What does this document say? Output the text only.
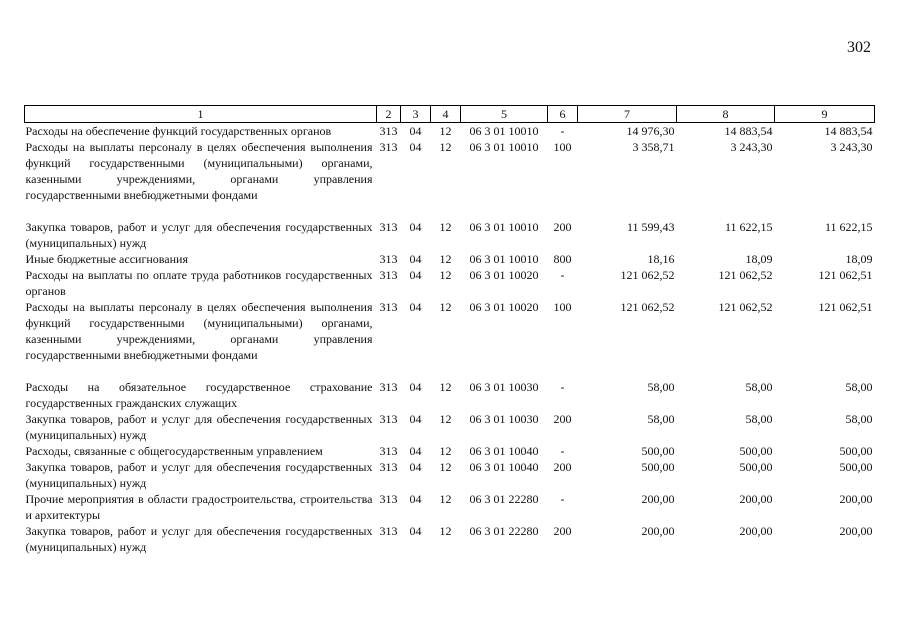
302
1	2	3	4	5	6	7	8	9
Расходы на обеспечение функций государственных органов	313	04	12	06 3 01 10010	-	14 976,30	14 883,54	14 883,54
Расходы на выплаты персоналу в целях обеспечения выполнения функций государственными (муниципальными) органами, казенными учреждениями, органами управления государственными внебюджетными фондами	313	04	12	06 3 01 10010	100	3 358,71	3 243,30	3 243,30
Закупка товаров, работ и услуг для обеспечения государственных (муниципальных) нужд	313	04	12	06 3 01 10010	200	11 599,43	11 622,15	11 622,15
Иные бюджетные ассигнования	313	04	12	06 3 01 10010	800	18,16	18,09	18,09
Расходы на выплаты по оплате труда работников государственных органов	313	04	12	06 3 01 10020	-	121 062,52	121 062,52	121 062,51
Расходы на выплаты персоналу в целях обеспечения выполнения функций государственными (муниципальными) органами, казенными учреждениями, органами управления государственными внебюджетными фондами	313	04	12	06 3 01 10020	100	121 062,52	121 062,52	121 062,51
Расходы на обязательное государственное страхование государственных гражданских служащих	313	04	12	06 3 01 10030	-	58,00	58,00	58,00
Закупка товаров, работ и услуг для обеспечения государственных (муниципальных) нужд	313	04	12	06 3 01 10030	200	58,00	58,00	58,00
Расходы, связанные с общегосударственным управлением	313	04	12	06 3 01 10040	-	500,00	500,00	500,00
Закупка товаров, работ и услуг для обеспечения государственных (муниципальных) нужд	313	04	12	06 3 01 10040	200	500,00	500,00	500,00
Прочие мероприятия в области градостроительства, строительства и архитектуры	313	04	12	06 3 01 22280	-	200,00	200,00	200,00
Закупка товаров, работ и услуг для обеспечения государственных (муниципальных) нужд	313	04	12	06 3 01 22280	200	200,00	200,00	200,00
